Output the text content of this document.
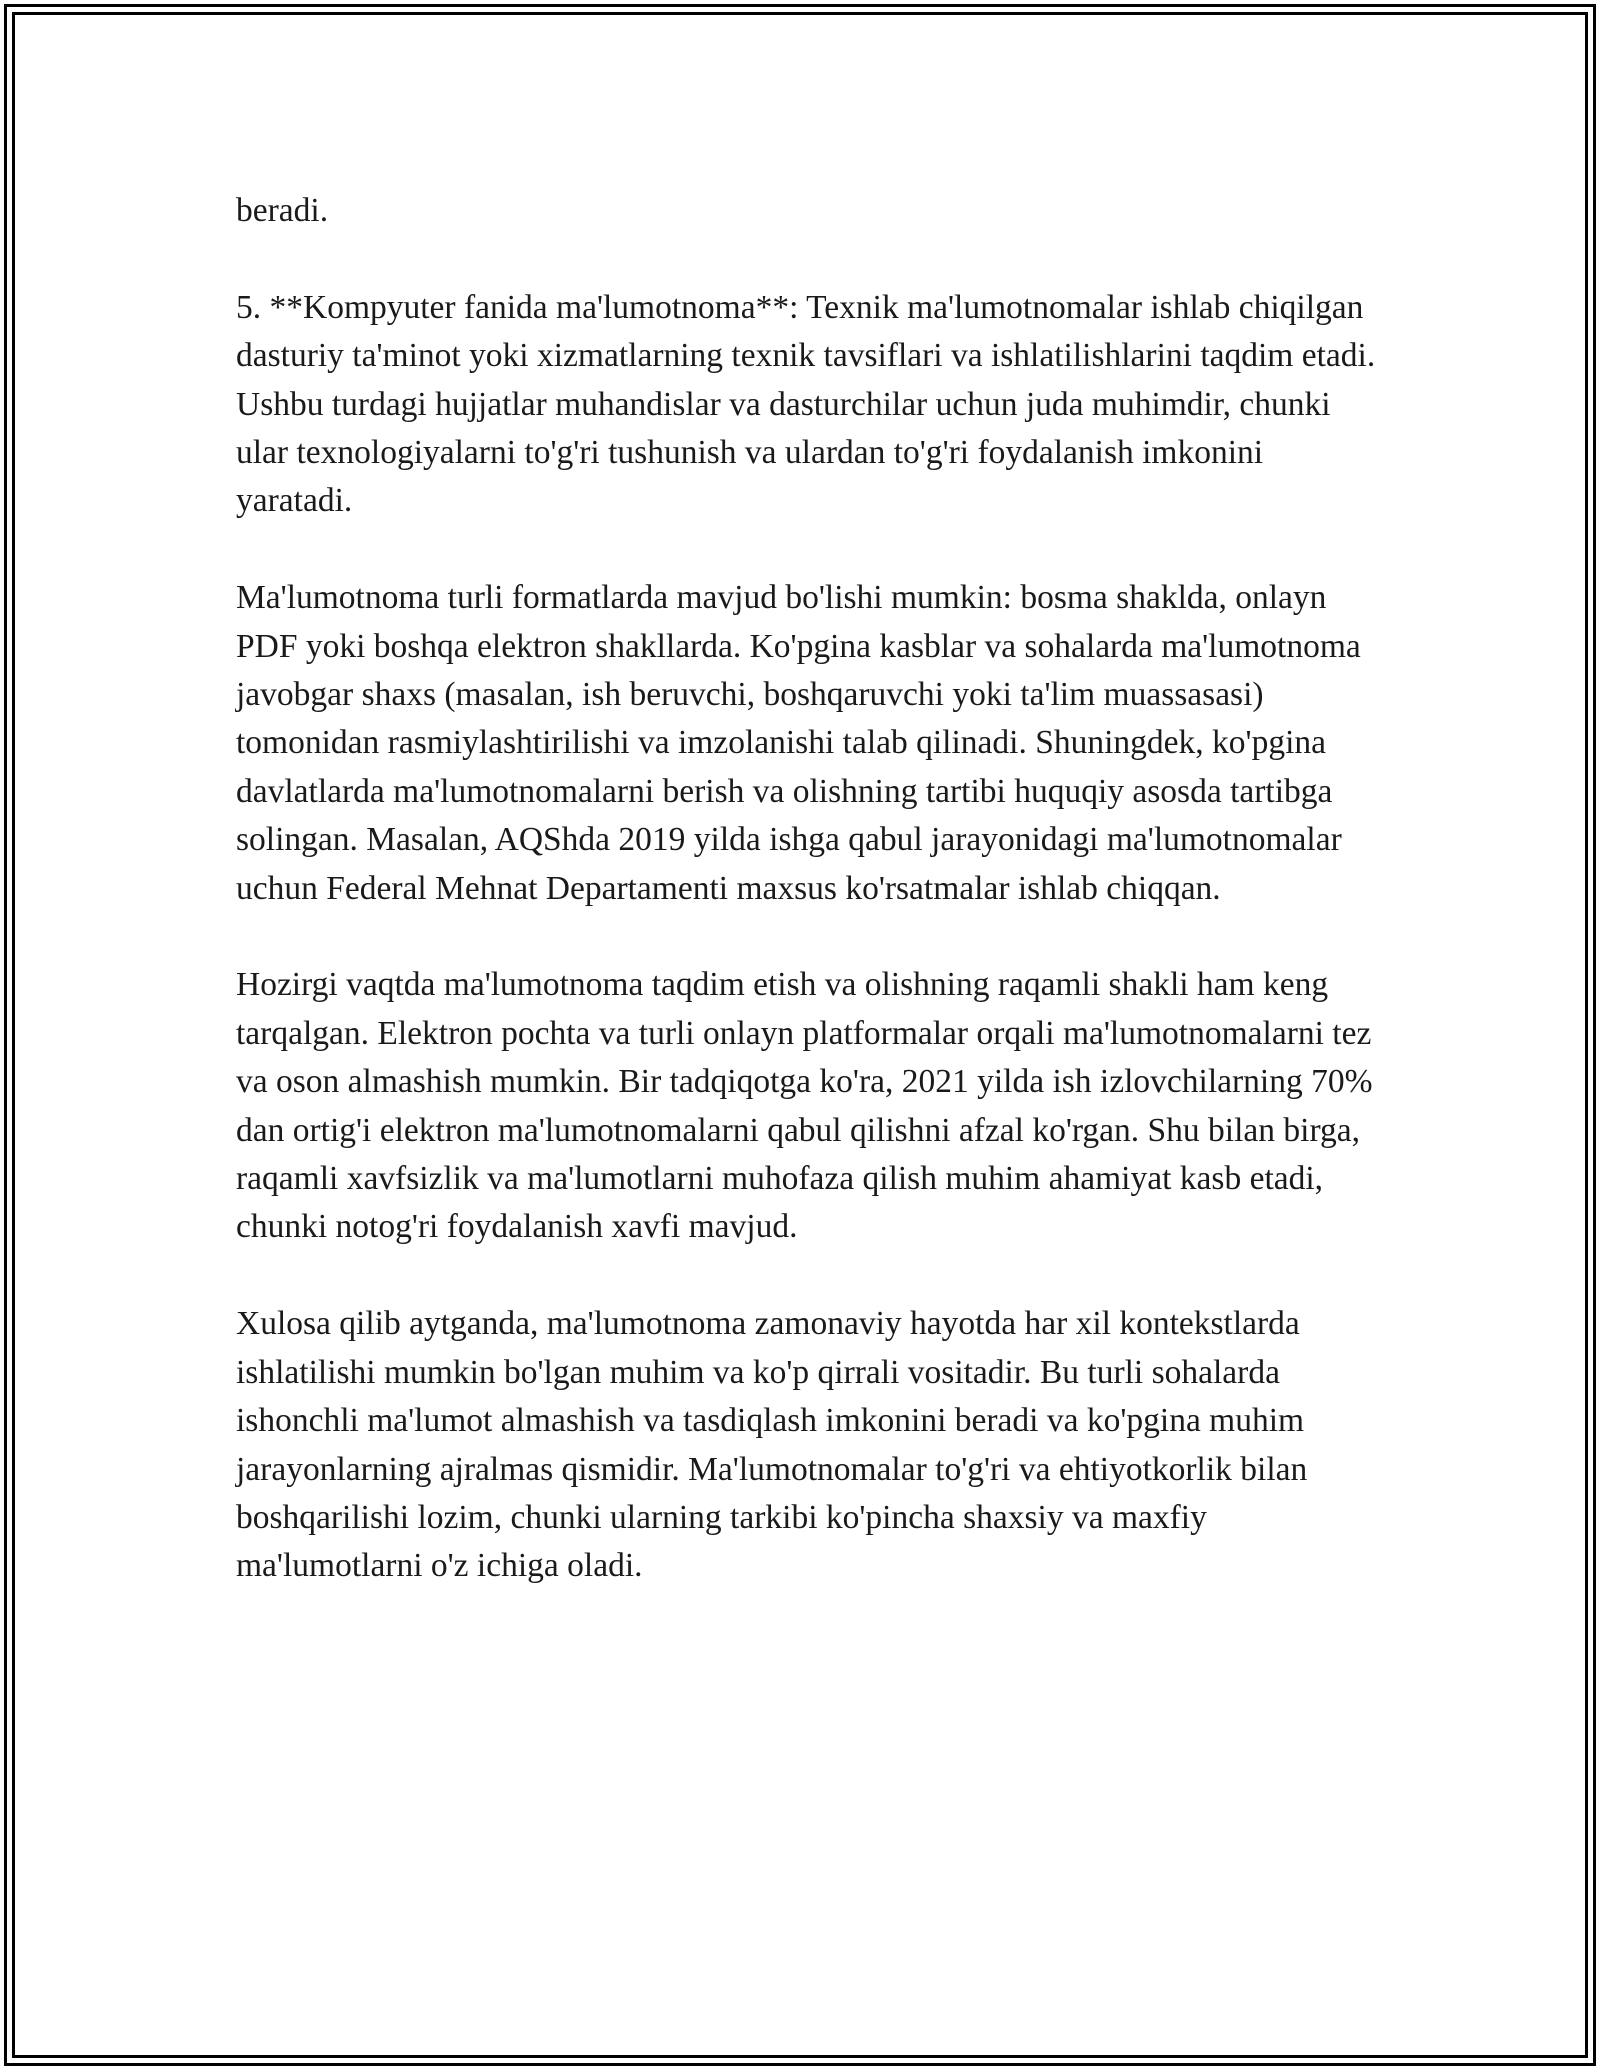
beradi.

5. **Kompyuter fanida ma'lumotnoma**: Texnik ma'lumotnomalar ishlab chiqilgan dasturiy ta'minot yoki xizmatlarning texnik tavsiflari va ishlatilishlarini taqdim etadi. Ushbu turdagi hujjatlar muhandislar va dasturchilar uchun juda muhimdir, chunki ular texnologiyalarni to'g'ri tushunish va ulardan to'g'ri foydalanish imkonini yaratadi.

Ma'lumotnoma turli formatlarda mavjud bo'lishi mumkin: bosma shaklda, onlayn PDF yoki boshqa elektron shakllarda. Ko'pgina kasblar va sohalarda ma'lumotnoma javobgar shaxs (masalan, ish beruvchi, boshqaruvchi yoki ta'lim muassasasi) tomonidan rasmiylashtirilishi va imzolanishi talab qilinadi. Shuningdek, ko'pgina davlatlarda ma'lumotnomalarni berish va olishning tartibi huquqiy asosda tartibga solingan. Masalan, AQShda 2019 yilda ishga qabul jarayonidagi ma'lumotnomalar uchun Federal Mehnat Departamenti maxsus ko'rsatmalar ishlab chiqqan.

Hozirgi vaqtda ma'lumotnoma taqdim etish va olishning raqamli shakli ham keng tarqalgan. Elektron pochta va turli onlayn platformalar orqali ma'lumotnomalarni tez va oson almashish mumkin. Bir tadqiqotga ko'ra, 2021 yilda ish izlovchilarning 70% dan ortig'i elektron ma'lumotnomalarni qabul qilishni afzal ko'rgan. Shu bilan birga, raqamli xavfsizlik va ma'lumotlarni muhofaza qilish muhim ahamiyat kasb etadi, chunki notog'ri foydalanish xavfi mavjud.

Xulosa qilib aytganda, ma'lumotnoma zamonaviy hayotda har xil kontekstlarda ishlatilishi mumkin bo'lgan muhim va ko'p qirrali vositadir. Bu turli sohalarda ishonchli ma'lumot almashish va tasdiqlash imkonini beradi va ko'pgina muhim jarayonlarning ajralmas qismidir. Ma'lumotnomalar to'g'ri va ehtiyotkorlik bilan boshqarilishi lozim, chunki ularning tarkibi ko'pincha shaxsiy va maxfiy ma'lumotlarni o'z ichiga oladi.
